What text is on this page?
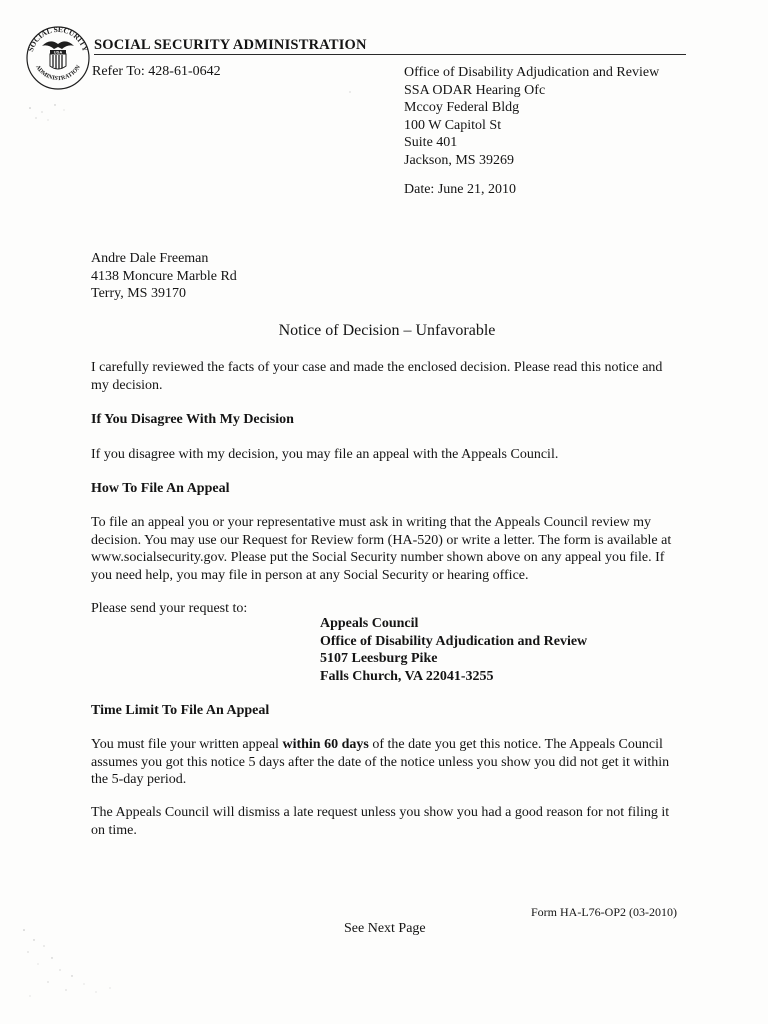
SOCIAL SECURITY
ADMINISTRATION
USA SOCIAL SECURITY ADMINISTRATION
Refer To: 428-61-0642	Office of Disability Adjudication and Review
SSA ODAR Hearing Ofc
Mccoy Federal Bldg
100 W Capitol St
Suite 401
Jackson, MS 39269
Date: June 21, 2010
Andre Dale Freeman
4138 Moncure Marble Rd
Terry, MS 39170
Notice of Decision – Unfavorable
I carefully reviewed the facts of your case and made the enclosed decision. Please read this notice and my decision.
If You Disagree With My Decision
If you disagree with my decision, you may file an appeal with the Appeals Council.
How To File An Appeal
To file an appeal you or your representative must ask in writing that the Appeals Council review my decision. You may use our Request for Review form (HA-520) or write a letter. The form is available at www.socialsecurity.gov. Please put the Social Security number shown above on any appeal you file. If you need help, you may file in person at any Social Security or hearing office.
Please send your request to:
Appeals Council
Office of Disability Adjudication and Review
5107 Leesburg Pike
Falls Church, VA 22041-3255
Time Limit To File An Appeal
You must file your written appeal within 60 days of the date you get this notice. The Appeals Council assumes you got this notice 5 days after the date of the notice unless you show you did not get it within the 5-day period.
The Appeals Council will dismiss a late request unless you show you had a good reason for not filing it on time.
Form HA-L76-OP2 (03-2010)
See Next Page
